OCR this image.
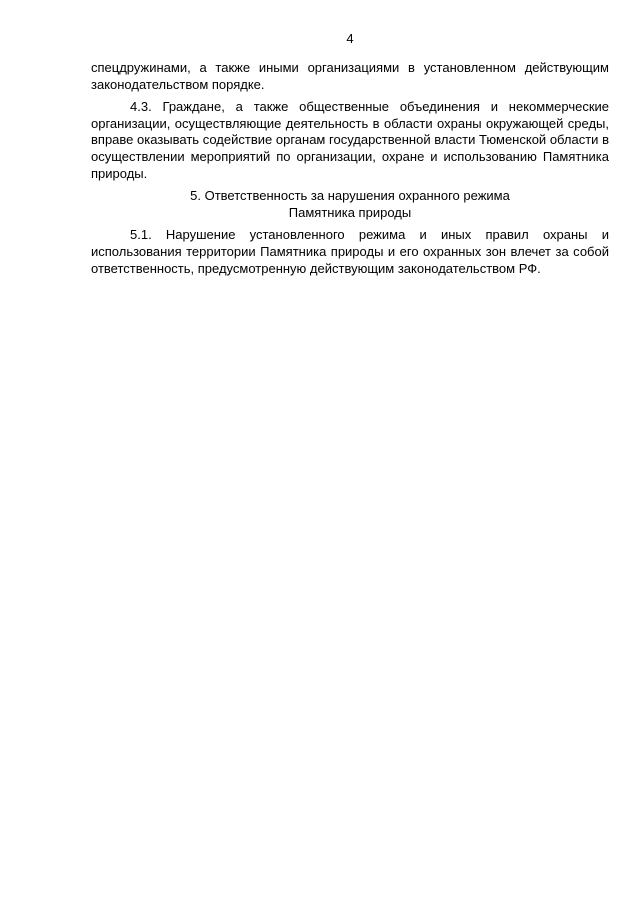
4

спецдружинами, а также иными организациями в установленном действующим законодательством порядке.

4.3. Граждане, а также общественные объединения и некоммерческие организации, осуществляющие деятельность в области охраны окружающей среды, вправе оказывать содействие органам государственной власти Тюменской области в осуществлении мероприятий по организации, охране и использованию Памятника природы.

5. Ответственность за нарушения охранного режима
Памятника природы

5.1. Нарушение установленного режима и иных правил охраны и использования территории Памятника природы и его охранных зон влечет за собой ответственность, предусмотренную действующим законодательством РФ.
